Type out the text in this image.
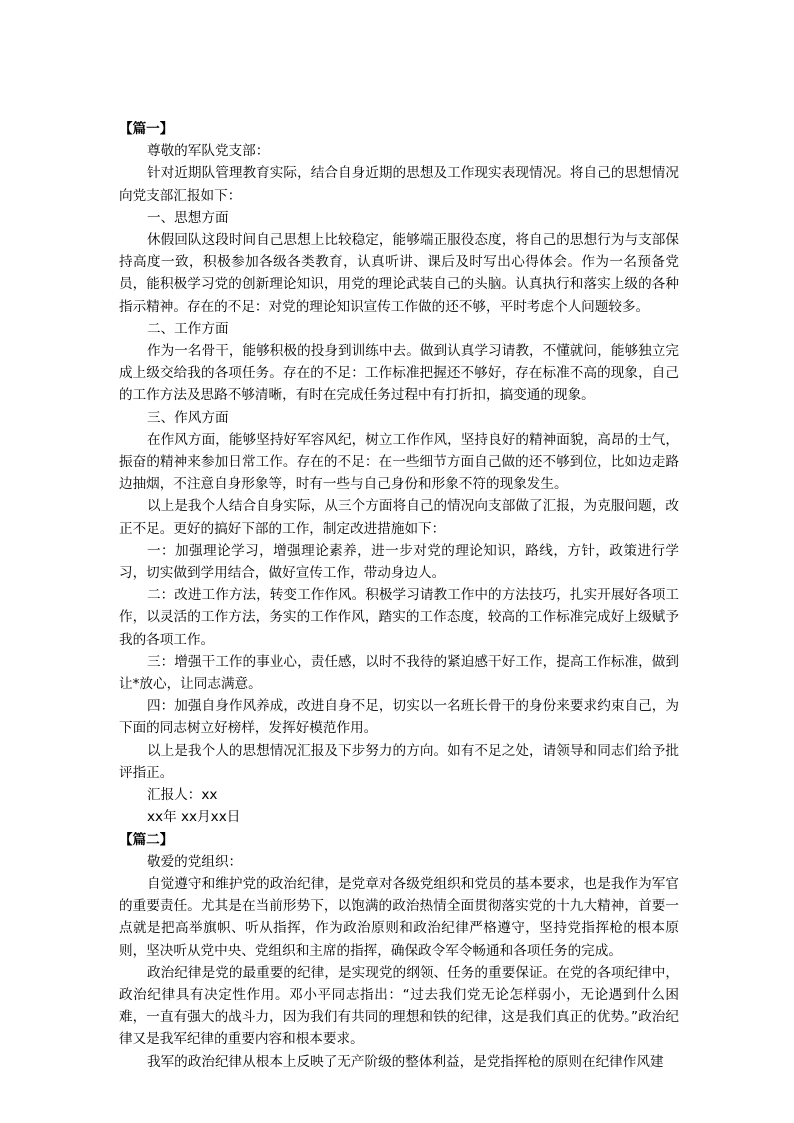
【篇一】

尊敬的军队党支部：

针对近期队管理教育实际，结合自身近期的思想及工作现实表现情况。将自己的思想情况向党支部汇报如下：

一、思想方面

休假回队这段时间自己思想上比较稳定，能够端正服役态度，将自己的思想行为与支部保持高度一致，积极参加各级各类教育，认真听讲、课后及时写出心得体会。作为一名预备党员，能积极学习党的创新理论知识，用党的理论武装自己的头脑。认真执行和落实上级的各种指示精神。存在的不足：对党的理论知识宣传工作做的还不够，平时考虑个人问题较多。

二、工作方面

作为一名骨干，能够积极的投身到训练中去。做到认真学习请教，不懂就问，能够独立完成上级交给我的各项任务。存在的不足：工作标准把握还不够好，存在标准不高的现象，自己的工作方法及思路不够清晰，有时在完成任务过程中有打折扣，搞变通的现象。

三、作风方面

在作风方面，能够坚持好军容风纪，树立工作作风，坚持良好的精神面貌，高昂的士气，振奋的精神来参加日常工作。存在的不足：在一些细节方面自己做的还不够到位，比如边走路边抽烟，不注意自身形象等，时有一些与自己身份和形象不符的现象发生。

以上是我个人结合自身实际，从三个方面将自己的情况向支部做了汇报，为克服问题，改正不足。更好的搞好下部的工作，制定改进措施如下：

一：加强理论学习，增强理论素养，进一步对党的理论知识，路线，方针，政策进行学习，切实做到学用结合，做好宣传工作，带动身边人。

二：改进工作方法，转变工作作风。积极学习请教工作中的方法技巧，扎实开展好各项工作，以灵活的工作方法，务实的工作作风，踏实的工作态度，较高的工作标准完成好上级赋予我的各项工作。

三：增强干工作的事业心，责任感，以时不我待的紧迫感干好工作，提高工作标准，做到让*放心，让同志满意。

四：加强自身作风养成，改进自身不足，切实以一名班长骨干的身份来要求约束自己，为下面的同志树立好榜样，发挥好模范作用。

以上是我个人的思想情况汇报及下步努力的方向。如有不足之处，请领导和同志们给予批评指正。

汇报人：xx

xx年 xx月xx日

【篇二】

敬爱的党组织：

自觉遵守和维护党的政治纪律，是党章对各级党组织和党员的基本要求，也是我作为军官的重要责任。尤其是在当前形势下，以饱满的政治热情全面贯彻落实党的十九大精神，首要一点就是把高举旗帜、听从指挥，作为政治原则和政治纪律严格遵守，坚持党指挥枪的根本原则，坚决听从党中央、党组织和主席的指挥，确保政令军令畅通和各项任务的完成。

政治纪律是党的最重要的纪律，是实现党的纲领、任务的重要保证。在党的各项纪律中，政治纪律具有决定性作用。邓小平同志指出：“过去我们党无论怎样弱小，无论遇到什么困难，一直有强大的战斗力，因为我们有共同的理想和铁的纪律，这是我们真正的优势。”政治纪律又是我军纪律的重要内容和根本要求。

我军的政治纪律从根本上反映了无产阶级的整体利益，是党指挥枪的原则在纪律作风建
